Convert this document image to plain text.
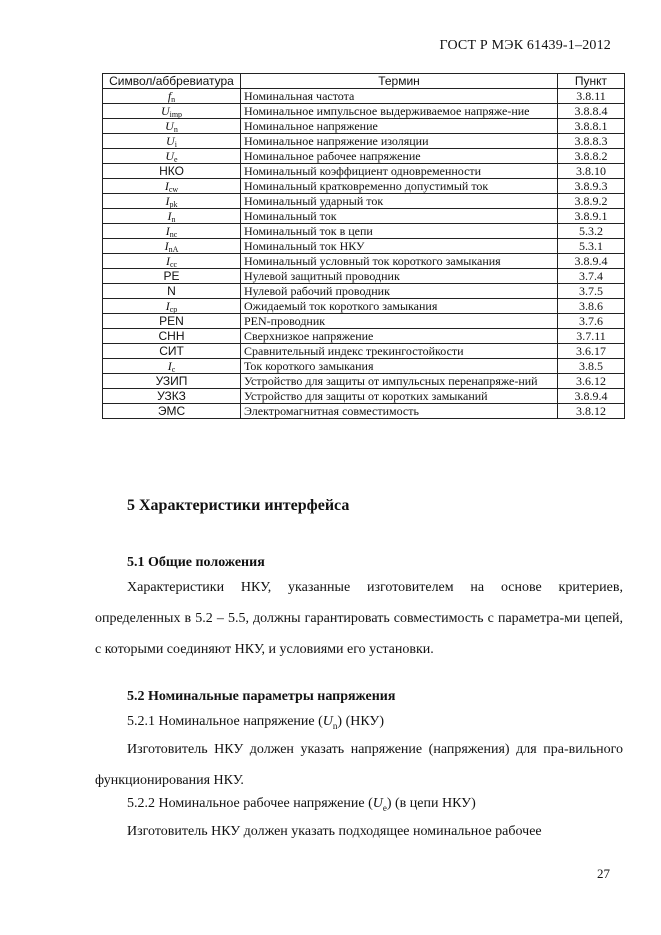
ГОСТ Р МЭК 61439-1–2012
Символ/аббревиатура	Термин	Пункт
$f_n$	Номинальная частота	3.8.11
$U_{imp}$	Номинальное импульсное выдерживаемое напряже-ние	3.8.8.4
$U_n$	Номинальное напряжение	3.8.8.1
$U_i$	Номинальное напряжение изоляции	3.8.8.3
$U_e$	Номинальное рабочее напряжение	3.8.8.2
НКО	Номинальный коэффициент одновременности	3.8.10
$I_{cw}$	Номинальный кратковременно допустимый ток	3.8.9.3
$I_{pk}$	Номинальный ударный ток	3.8.9.2
$I_n$	Номинальный ток	3.8.9.1
$I_{nc}$	Номинальный ток в цепи	5.3.2
$I_{nA}$	Номинальный ток НКУ	5.3.1
$I_{cc}$	Номинальный условный ток короткого замыкания	3.8.9.4
PE	Нулевой защитный проводник	3.7.4
N	Нулевой рабочий проводник	3.7.5
$I_{cp}$	Ожидаемый ток короткого замыкания	3.8.6
PEN	PEN-проводник	3.7.6
СНН	Сверхнизкое напряжение	3.7.11
СИТ	Сравнительный индекс трекингостойкости	3.6.17
$I_c$	Ток короткого замыкания	3.8.5
УЗИП	Устройство для защиты от импульсных перенапряже-ний	3.6.12
УЗКЗ	Устройство для защиты от коротких замыканий	3.8.9.4
ЭМС	Электромагнитная совместимость	3.8.12
5 Характеристики интерфейса
5.1 Общие положения

Характеристики НКУ, указанные изготовителем на основе критериев, определенных в 5.2 – 5.5, должны гарантировать совместимость с параметра-ми цепей, с которыми соединяют НКУ, и условиями его установки.

5.2 Номинальные параметры напряжения
5.2.1 Номинальное напряжение $(U_n)$ (НКУ)

Изготовитель НКУ должен указать напряжение (напряжения) для пра-вильного функционирования НКУ.

5.2.2 Номинальное рабочее напряжение $(U_e)$ (в цепи НКУ)

Изготовитель НКУ должен указать подходящее номинальное рабочее

27
